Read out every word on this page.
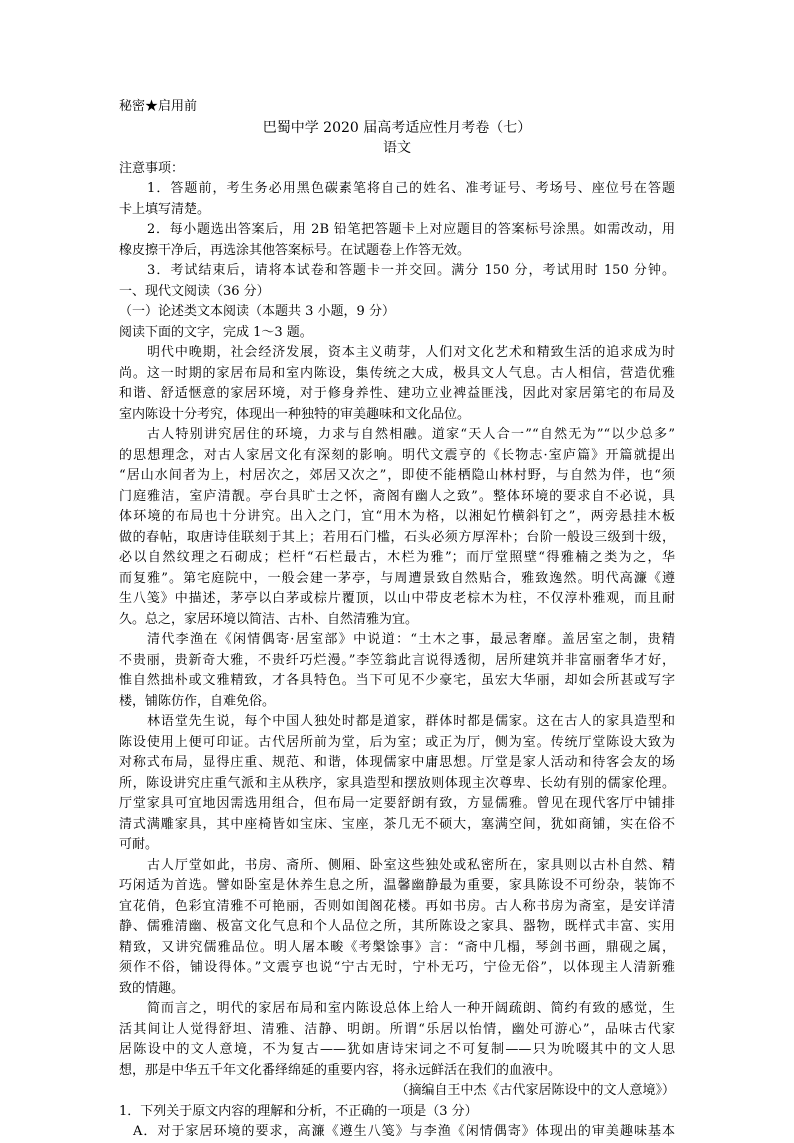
秘密★启用前
巴蜀中学 2020 届高考适应性月考卷（七）
语文
注意事项：
1．答题前，考生务必用黑色碳素笔将自己的姓名、准考证号、考场号、座位号在答题
卡上填写清楚。
2．每小题选出答案后，用 2B 铅笔把答题卡上对应题目的答案标号涂黑。如需改动，用
橡皮擦干净后，再选涂其他答案标号。在试题卷上作答无效。
3．考试结束后，请将本试卷和答题卡一并交回。满分 150 分，考试用时 150 分钟。
一、现代文阅读（36 分）
（一）论述类文本阅读（本题共 3 小题，9 分）
阅读下面的文字，完成 1～3 题。
明代中晚期，社会经济发展，资本主义萌芽，人们对文化艺术和精致生活的追求成为时
尚。这一时期的家居布局和室内陈设，集传统之大成，极具文人气息。古人相信，营造优雅
和谐、舒适惬意的家居环境，对于修身养性、建功立业裨益匪浅，因此对家居第宅的布局及
室内陈设十分考究，体现出一种独特的审美趣味和文化品位。
古人特别讲究居住的环境，力求与自然相融。道家“天人合一”“自然无为”“以少总多”
的思想理念，对古人家居文化有深刻的影响。明代文震亨的《长物志·室庐篇》开篇就提出
“居山水间者为上，村居次之，郊居又次之”，即使不能栖隐山林村野，与自然为伴，也“须
门庭雅洁，室庐清靓。亭台具旷士之怀，斋阁有幽人之致”。整体环境的要求自不必说，具
体环境的布局也十分讲究。出入之门，宜“用木为格，以湘妃竹横斜钉之”，两旁悬挂木板
做的春帖，取唐诗佳联刻于其上；若用石门槛，石头必须方厚浑朴；台阶一般设三级到十级，
必以自然纹理之石砌成；栏杆“石栏最古，木栏为雅”；而厅堂照壁“得雅楠之类为之，华
而复雅”。第宅庭院中，一般会建一茅亭，与周遭景致自然贴合，雅致逸然。明代高濂《遵
生八笺》中描述，茅亭以白茅或棕片覆顶，以山中带皮老棕木为柱，不仅淳朴雅观，而且耐
久。总之，家居环境以简洁、古朴、自然清雅为宜。
清代李渔在《闲情偶寄·居室部》中说道：“土木之事，最忌奢靡。盖居室之制，贵精
不贵丽，贵新奇大雅，不贵纤巧烂漫。”李笠翁此言说得透彻，居所建筑并非富丽奢华才好，
惟自然拙朴或文雅精致，才各具特色。当下可见不少豪宅，虽宏大华丽，却如会所甚或写字
楼，铺陈仿作，自难免俗。
林语堂先生说，每个中国人独处时都是道家，群体时都是儒家。这在古人的家具造型和
陈设使用上便可印证。古代居所前为堂，后为室；或正为厅，侧为室。传统厅堂陈设大致为
对称式布局，显得庄重、规范、和谐，体现儒家中庸思想。厅堂是家人活动和待客会友的场
所，陈设讲究庄重气派和主从秩序，家具造型和摆放则体现主次尊卑、长幼有别的儒家伦理。
厅堂家具可宜地因需选用组合，但布局一定要舒朗有致，方显儒雅。曾见在现代客厅中铺排
清式满雕家具，其中座椅皆如宝床、宝座，茶几无不硕大，塞满空间，犹如商铺，实在俗不
可耐。
古人厅堂如此，书房、斋所、侧厢、卧室这些独处或私密所在，家具则以古朴自然、精
巧闲适为首选。譬如卧室是休养生息之所，温馨幽静最为重要，家具陈设不可纷杂，装饰不
宜花俏，色彩宜清雅不可艳丽，否则如闺阁花楼。再如书房。古人称书房为斋室，是安详清
静、儒雅清幽、极富文化气息和个人品位之所，其所陈设之家具、器物，既样式丰富、实用
精致，又讲究儒雅品位。明人屠本畯《考槃馀事》言：“斋中几榻，琴剑书画，鼎砚之属，
须作不俗，铺设得体。”文震亨也说“宁古无时，宁朴无巧，宁俭无俗”，以体现主人清新雅
致的情趣。
简而言之，明代的家居布局和室内陈设总体上给人一种开阔疏朗、简约有致的感觉，生
活其间让人觉得舒坦、清雅、洁静、明朗。所谓“乐居以怡情，幽处可游心”，品味古代家
居陈设中的文人意境，不为复古——犹如唐诗宋词之不可复制——只为吮啜其中的文人思
想，那是中华五千年文化番绎绵延的重要内容，将永远鲜活在我们的血液中。
（摘编自王中杰《古代家居陈设中的文人意境》）
1．下列关于原文内容的理解和分析，不正确的一项是（3 分）
A．对于家居环境的要求，高濂《遵生八笺》与李渔《闲情偶寄》体现出的审美趣味基本
